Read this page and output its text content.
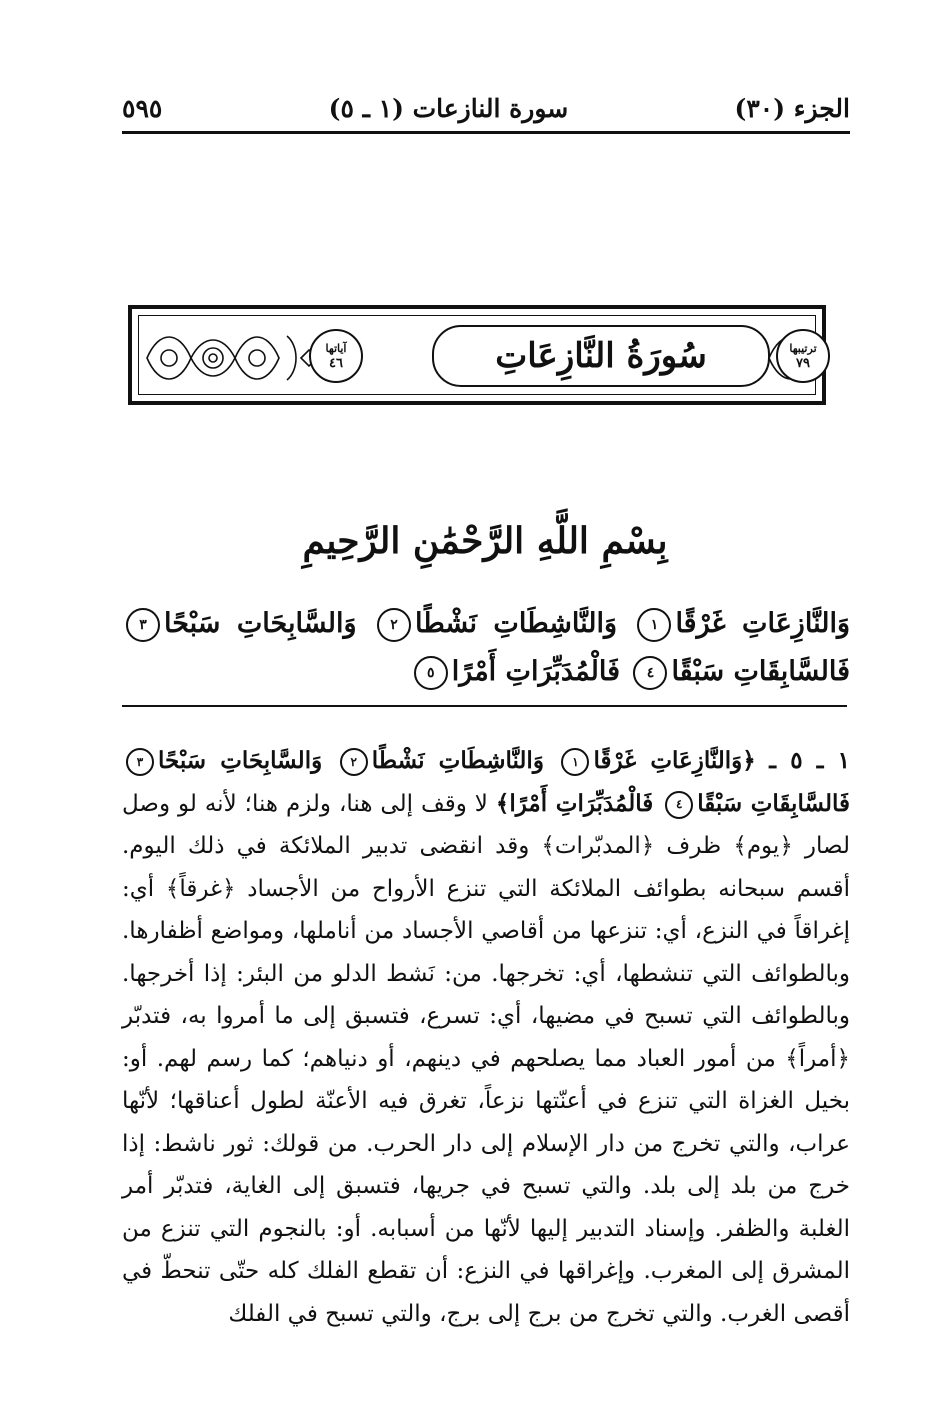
الجزء (٣٠)
سورة النازعات (١ ـ ٥)
٥٩٥
آياتها
٤٦	سُورَةُ النَّازِعَاتِ	ترتيبها
٧٩
بِسْمِ اللَّهِ الرَّحْمَٰنِ الرَّحِيمِ
وَالنَّازِعَاتِ غَرْقًا١ وَالنَّاشِطَاتِ نَشْطًا٢ وَالسَّابِحَاتِ سَبْحًا٣ فَالسَّابِقَاتِ سَبْقًا٤ فَالْمُدَبِّرَاتِ أَمْرًا٥
١ ـ ٥ ـ ﴿وَالنَّازِعَاتِ غَرْقًا١ وَالنَّاشِطَاتِ نَشْطًا٢ وَالسَّابِحَاتِ سَبْحًا٣ فَالسَّابِقَاتِ سَبْقًا٤ فَالْمُدَبِّرَاتِ أَمْرًا﴾ لا وقف إلى هنا، ولزم هنا؛ لأنه لو وصل لصار ﴿يوم﴾ ظرف ﴿المدبّرات﴾ وقد انقضى تدبير الملائكة في ذلك اليوم. أقسم سبحانه بطوائف الملائكة التي تنزع الأرواح من الأجساد ﴿غرقاً﴾ أي: إغراقاً في النزع، أي: تنزعها من أقاصي الأجساد من أناملها، ومواضع أظفارها. وبالطوائف التي تنشطها، أي: تخرجها. من: نَشط الدلو من البئر: إذا أخرجها. وبالطوائف التي تسبح في مضيها، أي: تسرع، فتسبق إلى ما أمروا به، فتدبّر ﴿أمراً﴾ من أمور العباد مما يصلحهم في دينهم، أو دنياهم؛ كما رسم لهم. أو: بخيل الغزاة التي تنزع في أعنّتها نزعاً، تغرق فيه الأعنّة لطول أعناقها؛ لأنّها عراب، والتي تخرج من دار الإسلام إلى دار الحرب. من قولك: ثور ناشط: إذا خرج من بلد إلى بلد. والتي تسبح في جريها، فتسبق إلى الغاية، فتدبّر أمر الغلبة والظفر. وإسناد التدبير إليها لأنّها من أسبابه. أو: بالنجوم التي تنزع من المشرق إلى المغرب. وإغراقها في النزع: أن تقطع الفلك كله حتّى تنحطّ في أقصى الغرب. والتي تخرج من برج إلى برج، والتي تسبح في الفلك
